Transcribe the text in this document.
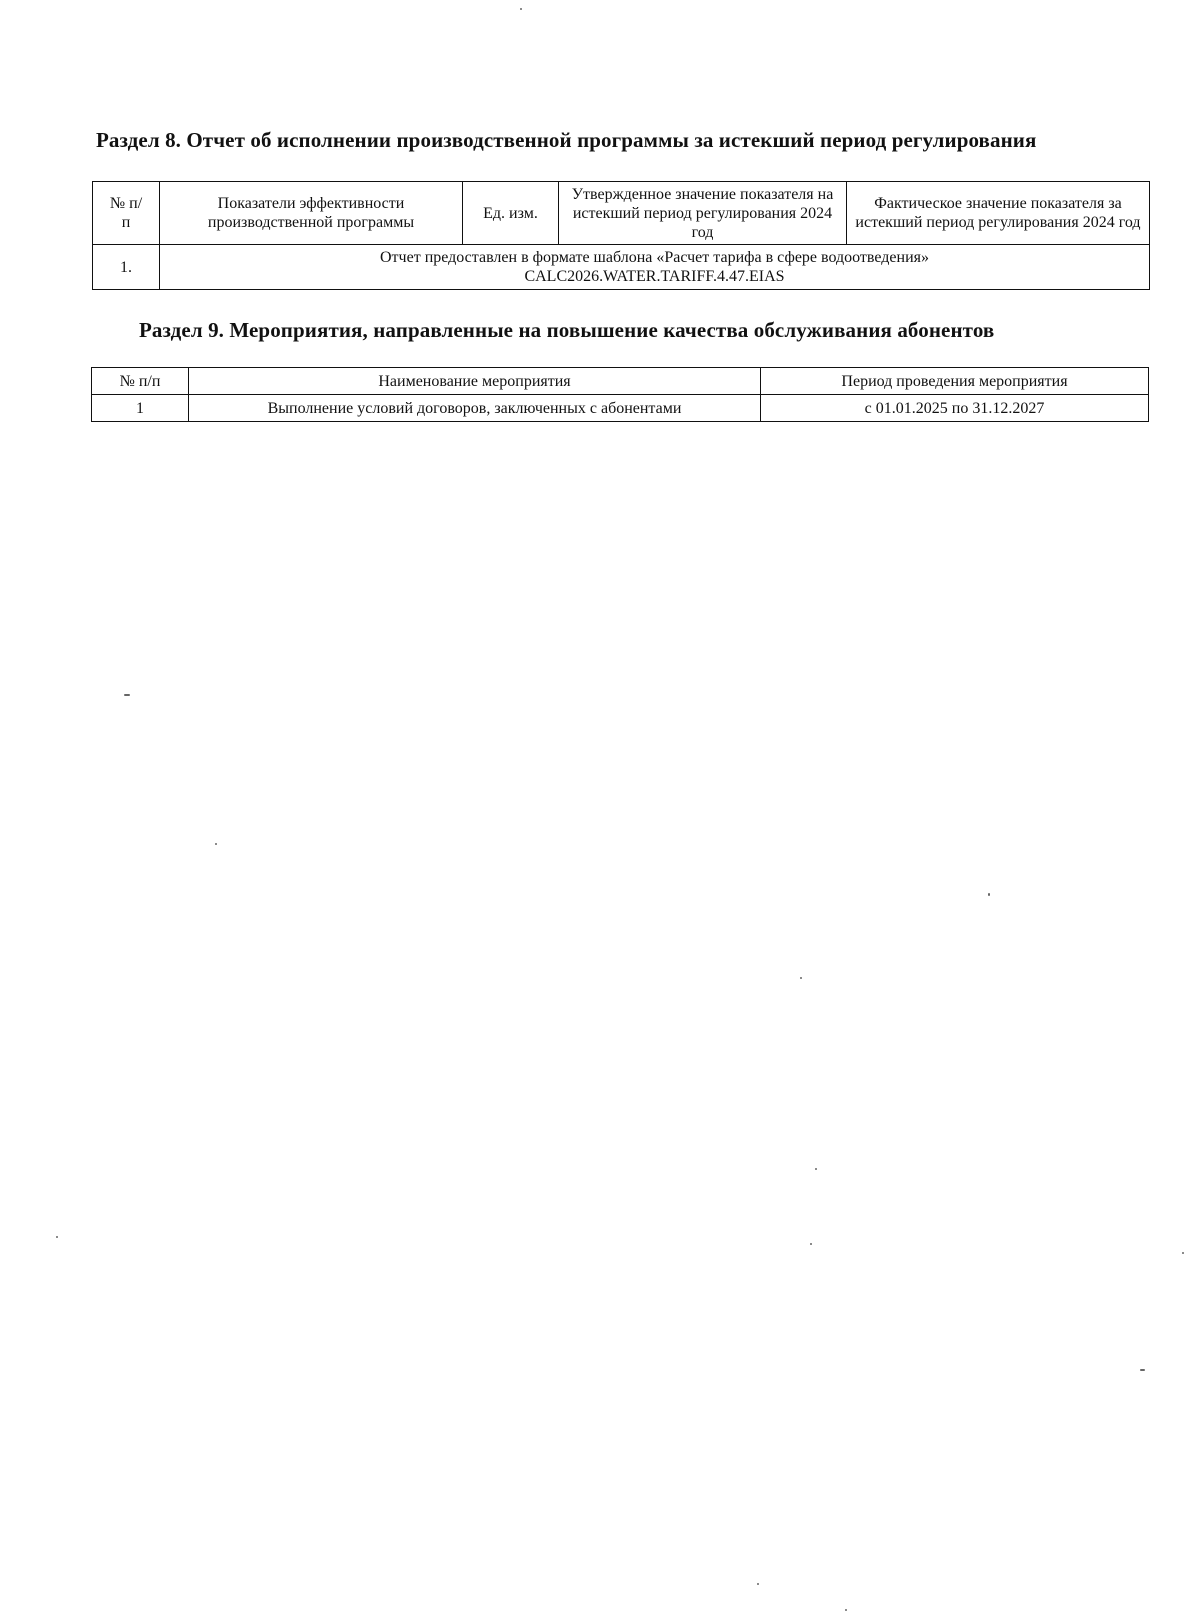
Раздел 8. Отчет об исполнении производственной программы за истекший период регулирования
№ п/п	Показатели эффективности производственной программы	Ед. изм.	Утвержденное значение показателя на истекший период регулирования 2024 год	Фактическое значение показателя за истекший период регулирования 2024 год
1.	Отчет предоставлен в формате шаблона «Расчет тарифа в сфере водоотведения»
CALC2026.WATER.TARIFF.4.47.EIAS			
Раздел 9. Мероприятия, направленные на повышение качества обслуживания абонентов
№ п/п	Наименование мероприятия	Период проведения мероприятия
1	Выполнение условий договоров, заключенных с абонентами	с 01.01.2025 по 31.12.2027
